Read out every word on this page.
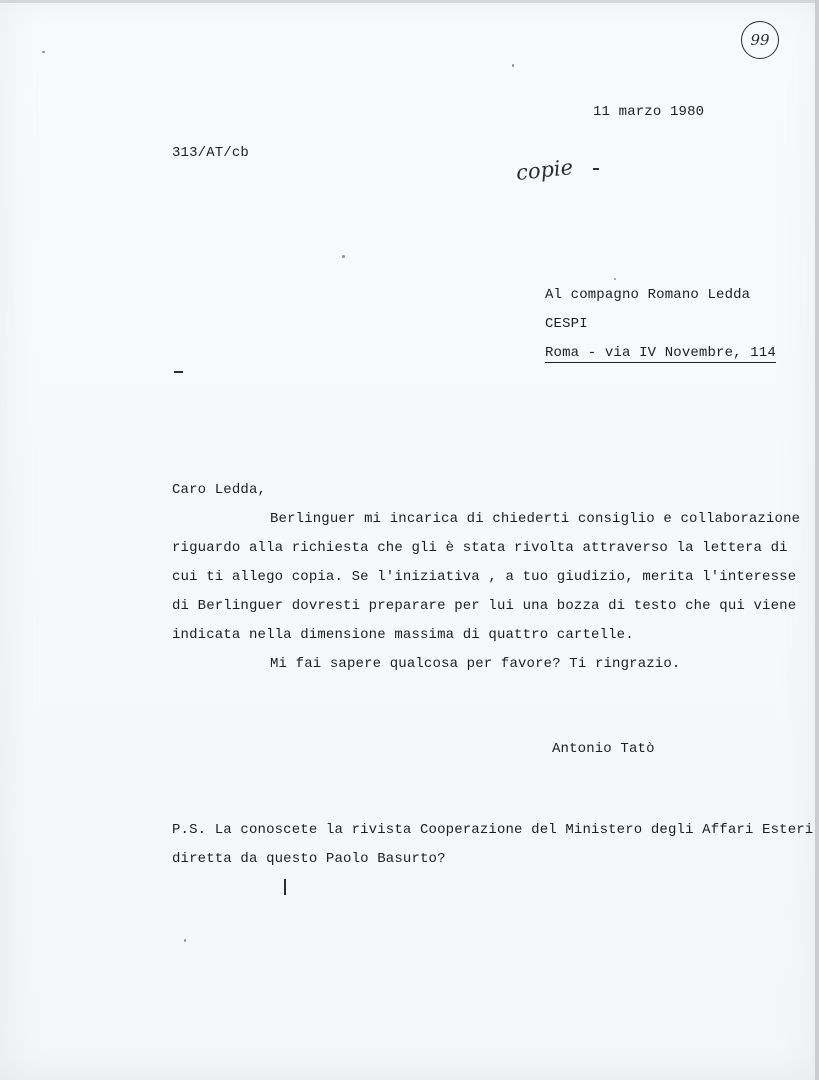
99
11 marzo 1980
313/AT/cb
copie
Al compagno Romano Ledda
CESPI
Roma - via IV Novembre, 114
Caro Ledda,
Berlinguer mi incarica di chiederti consiglio e collaborazione
riguardo alla richiesta che gli è stata rivolta attraverso la lettera di
cui ti allego copia. Se l'iniziativa , a tuo giudizio, merita l'interesse
di Berlinguer dovresti preparare per lui una bozza di testo che qui viene
indicata nella dimensione massima di quattro cartelle.
Mi fai sapere qualcosa per favore? Ti ringrazio.
Antonio Tatò
P.S. La conoscete la rivista Cooperazione del Ministero degli Affari Esteri
diretta da questo Paolo Basurto?
